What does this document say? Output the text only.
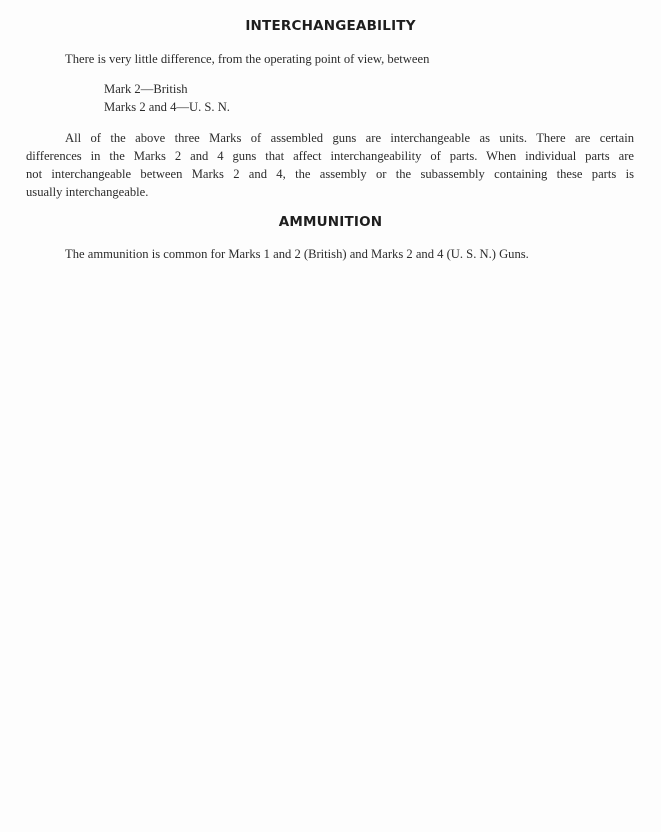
INTERCHANGEABILITY
There is very little difference, from the operating point of view, between
Mark 2—British
Marks 2 and 4—U. S. N.
All of the above three Marks of assembled guns are interchangeable as units. There are certain
differences in the Marks 2 and 4 guns that affect interchangeability of parts. When individual parts are
not interchangeable between Marks 2 and 4, the assembly or the subassembly containing these parts is
usually interchangeable.
AMMUNITION
The ammunition is common for Marks 1 and 2 (British) and Marks 2 and 4 (U. S. N.) Guns.
